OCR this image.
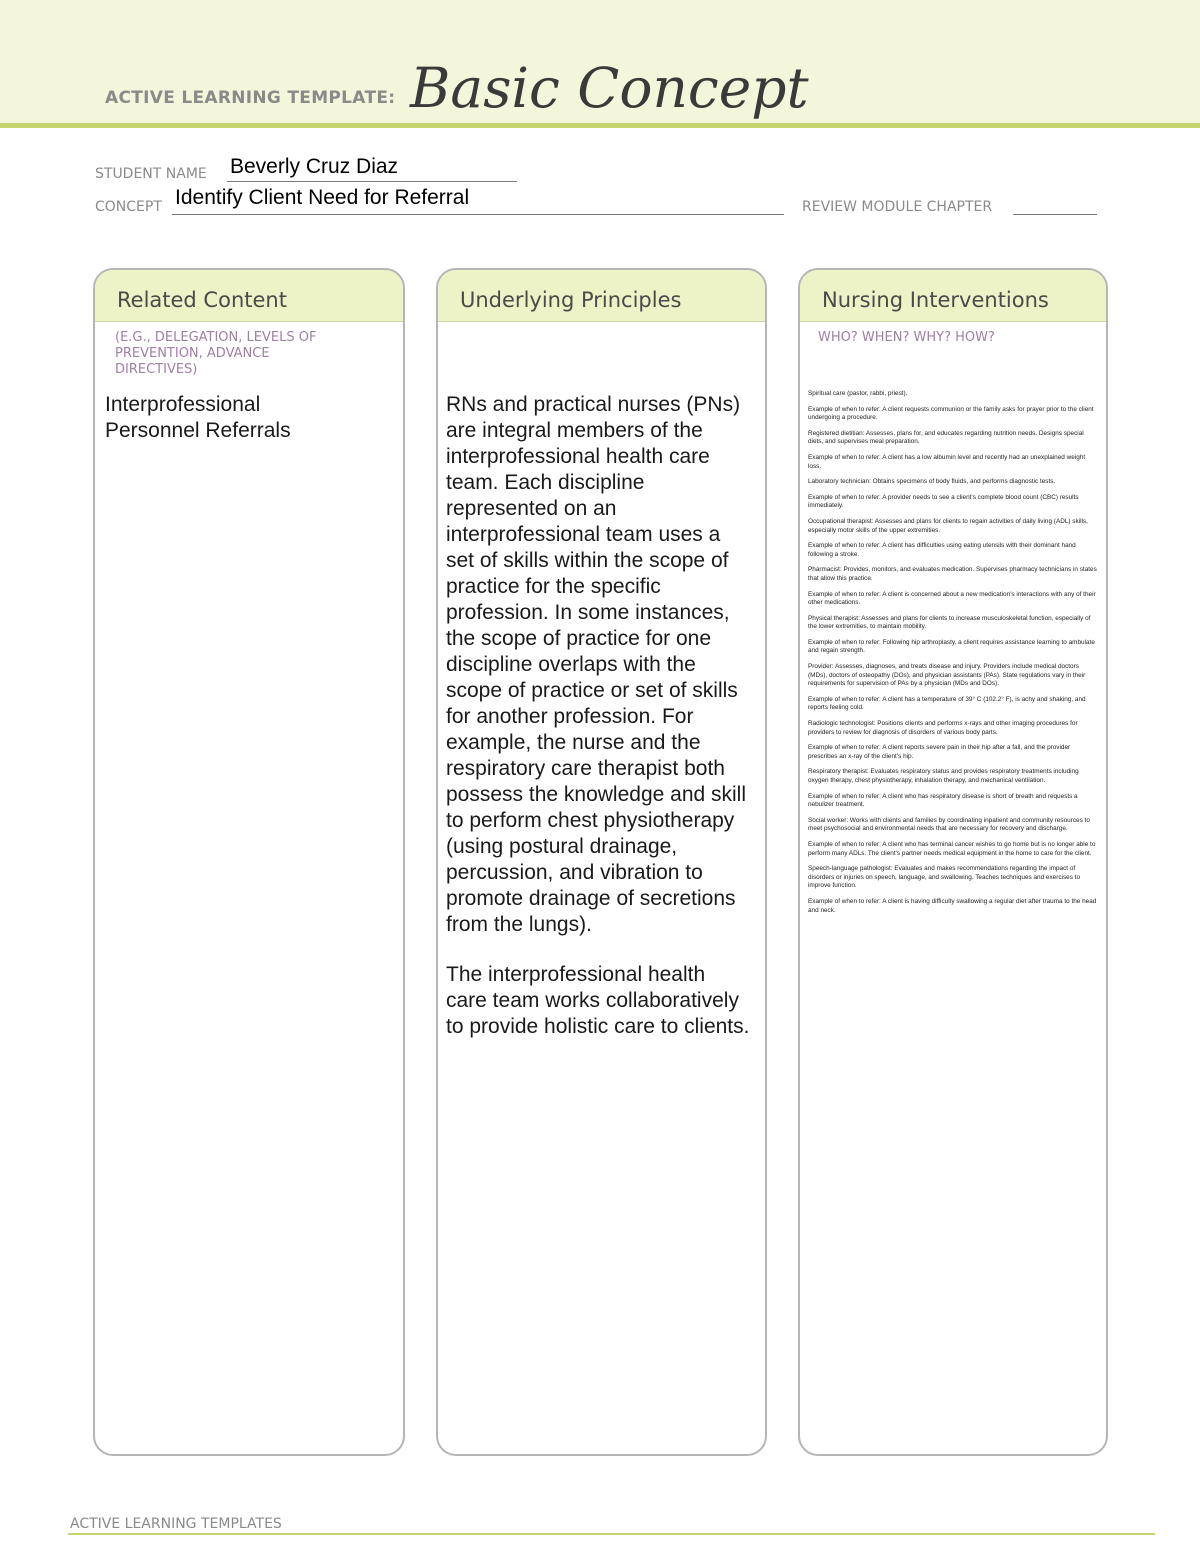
ACTIVE LEARNING TEMPLATE: Basic Concept
STUDENT NAME Beverly Cruz Diaz
CONCEPT Identify Client Need for Referral	REVIEW MODULE CHAPTER
Related Content
(E.G., DELEGATION, LEVELS OF PREVENTION, ADVANCE DIRECTIVES)
Interprofessional Personnel Referrals
Underlying Principles

RNs and practical nurses (PNs) are integral members of the interprofessional health care team. Each discipline represented on an interprofessional team uses a set of skills within the scope of practice for the specific profession. In some instances, the scope of practice for one discipline overlaps with the scope of practice or set of skills for another profession. For example, the nurse and the respiratory care therapist both possess the knowledge and skill to perform chest physiotherapy (using postural drainage, percussion, and vibration to promote drainage of secretions from the lungs).

The interprofessional health care team works collaboratively to provide holistic care to clients.

Nursing Interventions
WHO? WHEN? WHY? HOW?

Spiritual care (pastor, rabbi, priest).

Example of when to refer: A client requests communion or the family asks for prayer prior to the client undergoing a procedure.

Registered dietitian: Assesses, plans for, and educates regarding nutrition needs. Designs special diets, and supervises meal preparation.

Example of when to refer: A client has a low albumin level and recently had an unexplained weight loss.

Laboratory technician: Obtains specimens of body fluids, and performs diagnostic tests.

Example of when to refer: A provider needs to see a client’s complete blood count (CBC) results immediately.

Occupational therapist: Assesses and plans for clients to regain activities of daily living (ADL) skills, especially motor skills of the upper extremities.

Example of when to refer: A client has difficulties using eating utensils with their dominant hand following a stroke.

Pharmacist: Provides, monitors, and evaluates medication. Supervises pharmacy technicians in states that allow this practice.

Example of when to refer: A client is concerned about a new medication’s interactions with any of their other medications.

Physical therapist: Assesses and plans for clients to increase musculoskeletal function, especially of the lower extremities, to maintain mobility.

Example of when to refer: Following hip arthroplasty, a client requires assistance learning to ambulate and regain strength.

Provider: Assesses, diagnoses, and treats disease and injury. Providers include medical doctors (MDs), doctors of osteopathy (DOs), and physician assistants (PAs). State regulations vary in their requirements for supervision of PAs by a physician (MDs and DOs).

Example of when to refer: A client has a temperature of 39° C (102.2° F), is achy and shaking, and reports feeling cold.

Radiologic technologist: Positions clients and performs x-rays and other imaging procedures for providers to review for diagnosis of disorders of various body parts.

Example of when to refer: A client reports severe pain in their hip after a fall, and the provider prescribes an x-ray of the client’s hip.

Respiratory therapist: Evaluates respiratory status and provides respiratory treatments including oxygen therapy, chest physiotherapy, inhalation therapy, and mechanical ventilation.

Example of when to refer: A client who has respiratory disease is short of breath and requests a nebulizer treatment.

Social worker: Works with clients and families by coordinating inpatient and community resources to meet psychosocial and environmental needs that are necessary for recovery and discharge.

Example of when to refer: A client who has terminal cancer wishes to go home but is no longer able to perform many ADLs. The client’s partner needs medical equipment in the home to care for the client.

Speech-language pathologist: Evaluates and makes recommendations regarding the impact of disorders or injuries on speech, language, and swallowing. Teaches techniques and exercises to improve function.

Example of when to refer: A client is having difficulty swallowing a regular diet after trauma to the head and neck.

ACTIVE LEARNING TEMPLATES
